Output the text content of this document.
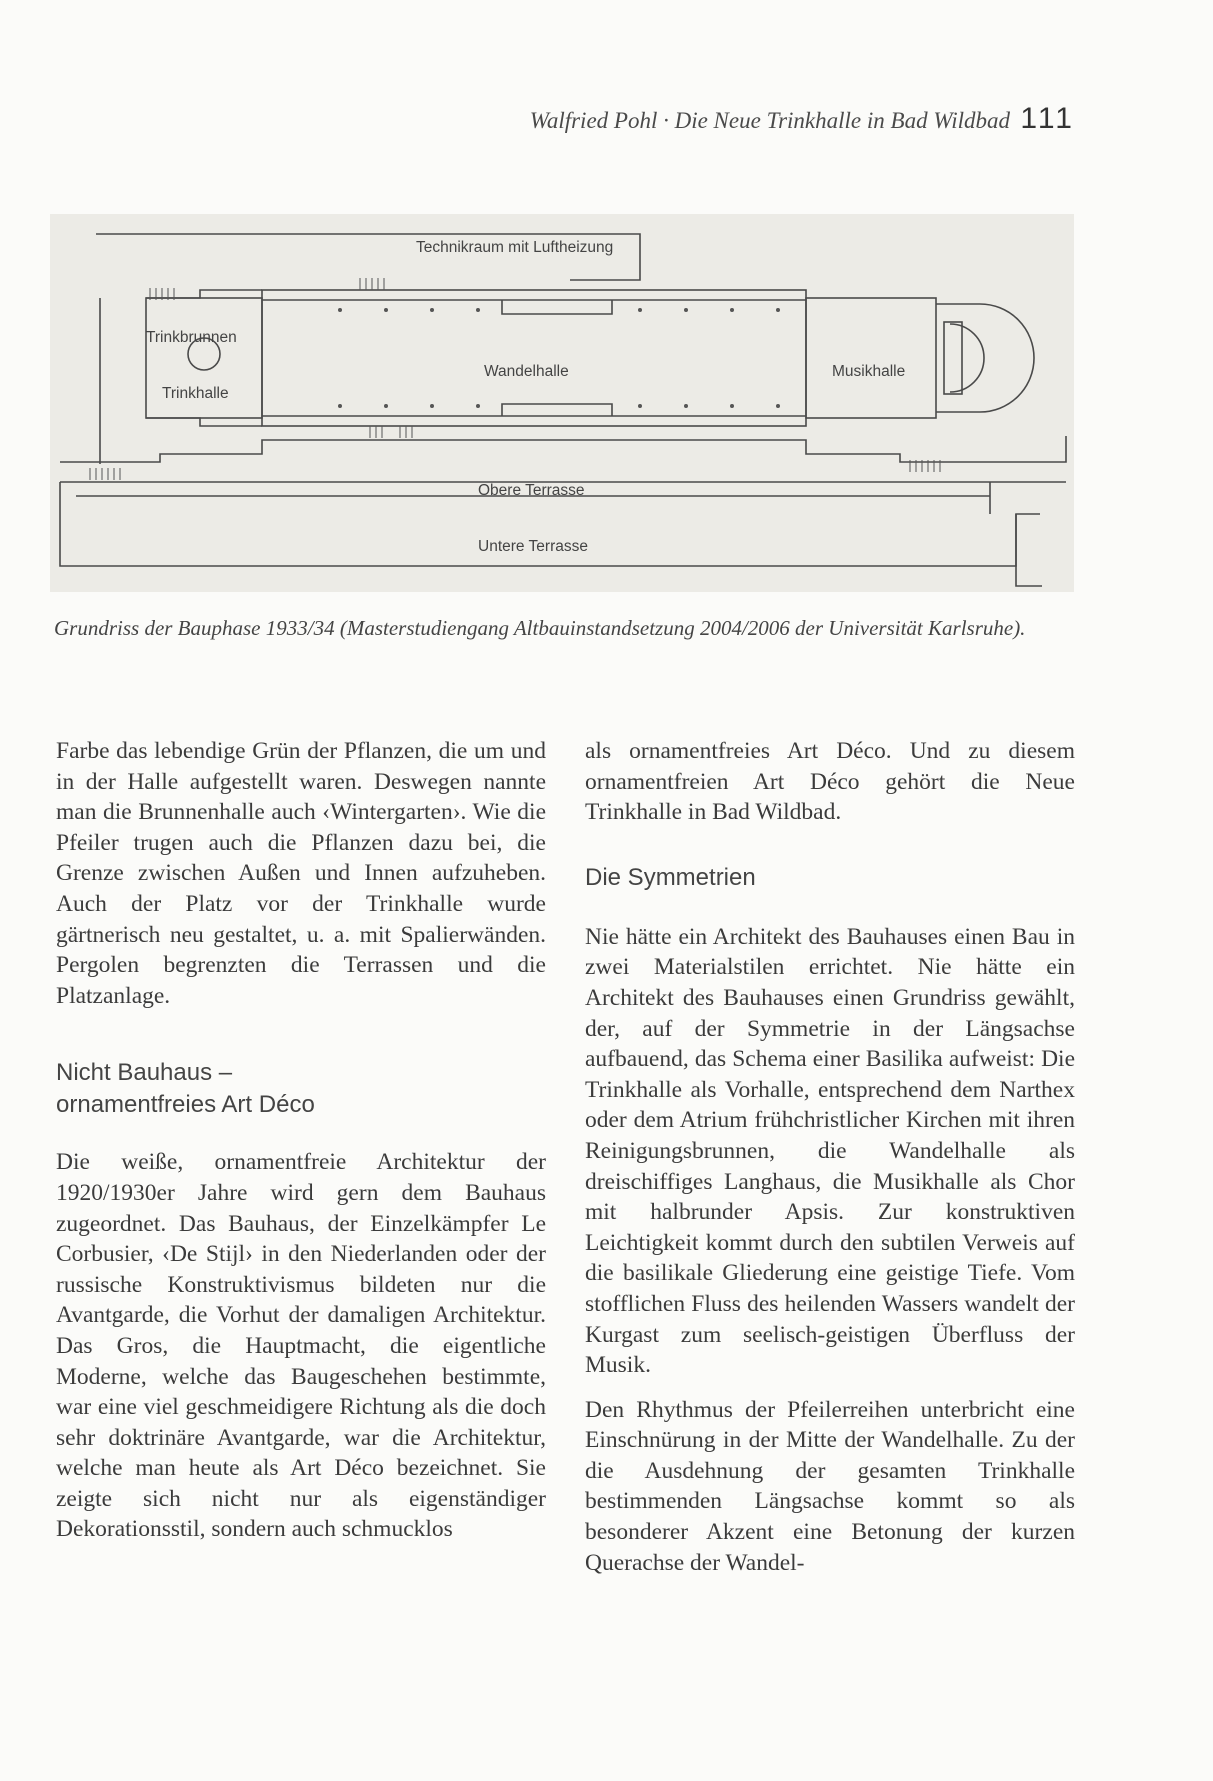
Walfried Pohl · Die Neue Trinkhalle in Bad Wildbad 111
Technikraum mit Luftheizung
Trinkbrunnen
Trinkhalle
Wandelhalle	Musikhalle
Obere Terrasse
Untere Terrasse
Grundriss der Bauphase 1933/34 (Masterstudiengang Altbauinstandsetzung 2004/2006 der Universität Karlsruhe).

Farbe das lebendige Grün der Pflanzen, die um und in der Halle aufgestellt waren. Deswegen nannte man die Brunnenhalle auch ‹Wintergarten›. Wie die Pfeiler trugen auch die Pflanzen dazu bei, die Grenze zwischen Außen und Innen aufzuheben. Auch der Platz vor der Trinkhalle wurde gärtnerisch neu gestaltet, u. a. mit Spalierwänden. Pergolen begrenzten die Terrassen und die Platzanlage.

Nicht Bauhaus –
ornamentfreies Art Déco

Die weiße, ornamentfreie Architektur der 1920/1930er Jahre wird gern dem Bauhaus zugeordnet. Das Bauhaus, der Einzelkämpfer Le Corbusier, ‹De Stijl› in den Niederlanden oder der russische Konstruktivismus bildeten nur die Avantgarde, die Vorhut der damaligen Architektur. Das Gros, die Hauptmacht, die eigentliche Moderne, welche das Baugeschehen bestimmte, war eine viel geschmeidigere Richtung als die doch sehr doktrinäre Avantgarde, war die Architektur, welche man heute als Art Déco bezeichnet. Sie zeigte sich nicht nur als eigenständiger Dekorationsstil, sondern auch schmucklos

als ornamentfreies Art Déco. Und zu diesem ornamentfreien Art Déco gehört die Neue Trinkhalle in Bad Wildbad.

Die Symmetrien

Nie hätte ein Architekt des Bauhauses einen Bau in zwei Materialstilen errichtet. Nie hätte ein Architekt des Bauhauses einen Grundriss gewählt, der, auf der Symmetrie in der Längsachse aufbauend, das Schema einer Basilika aufweist: Die Trinkhalle als Vorhalle, entsprechend dem Narthex oder dem Atrium frühchristlicher Kirchen mit ihren Reinigungsbrunnen, die Wandelhalle als dreischiffiges Langhaus, die Musikhalle als Chor mit halbrunder Apsis. Zur konstruktiven Leichtigkeit kommt durch den subtilen Verweis auf die basilikale Gliederung eine geistige Tiefe. Vom stofflichen Fluss des heilenden Wassers wandelt der Kurgast zum seelisch-geistigen Überfluss der Musik.

Den Rhythmus der Pfeilerreihen unterbricht eine Einschnürung in der Mitte der Wandelhalle. Zu der die Ausdehnung der gesamten Trinkhalle bestimmenden Längsachse kommt so als besonderer Akzent eine Betonung der kurzen Querachse der Wandel-
